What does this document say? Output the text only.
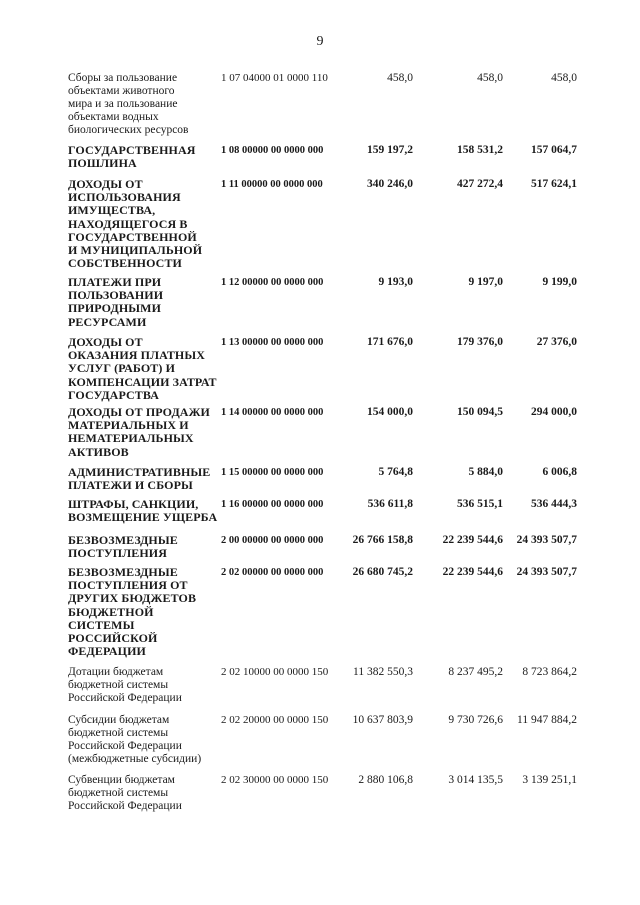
9
Сборы за пользование
объектами животного
мира и за пользование
объектами водных
биологических ресурсов
1 07 04000 01 0000 110	458,0	458,0	458,0
ГОСУДАРСТВЕННАЯ
ПОШЛИНА
1 08 00000 00 0000 000	159 197,2	158 531,2	157 064,7
ДОХОДЫ ОТ
ИСПОЛЬЗОВАНИЯ
ИМУЩЕСТВА,
НАХОДЯЩЕГОСЯ В
ГОСУДАРСТВЕННОЙ
И МУНИЦИПАЛЬНОЙ
СОБСТВЕННОСТИ
1 11 00000 00 0000 000	340 246,0	427 272,4	517 624,1
ПЛАТЕЖИ ПРИ
ПОЛЬЗОВАНИИ
ПРИРОДНЫМИ
РЕСУРСАМИ
1 12 00000 00 0000 000	9 193,0	9 197,0	9 199,0
ДОХОДЫ ОТ
ОКАЗАНИЯ ПЛАТНЫХ
УСЛУГ (РАБОТ) И
КОМПЕНСАЦИИ ЗАТРАТ
ГОСУДАРСТВА
1 13 00000 00 0000 000	171 676,0	179 376,0	27 376,0
ДОХОДЫ ОТ ПРОДАЖИ
МАТЕРИАЛЬНЫХ И
НЕМАТЕРИАЛЬНЫХ
АКТИВОВ
1 14 00000 00 0000 000	154 000,0	150 094,5	294 000,0
АДМИНИСТРАТИВНЫЕ
ПЛАТЕЖИ И СБОРЫ
1 15 00000 00 0000 000	5 764,8	5 884,0	6 006,8
ШТРАФЫ, САНКЦИИ,
ВОЗМЕЩЕНИЕ УЩЕРБА
1 16 00000 00 0000 000	536 611,8	536 515,1	536 444,3
БЕЗВОЗМЕЗДНЫЕ
ПОСТУПЛЕНИЯ
2 00 00000 00 0000 000	26 766 158,8	22 239 544,6	24 393 507,7
БЕЗВОЗМЕЗДНЫЕ
ПОСТУПЛЕНИЯ ОТ
ДРУГИХ БЮДЖЕТОВ
БЮДЖЕТНОЙ
СИСТЕМЫ
РОССИЙСКОЙ
ФЕДЕРАЦИИ
2 02 00000 00 0000 000	26 680 745,2	22 239 544,6	24 393 507,7
Дотации бюджетам
бюджетной системы
Российской Федерации
2 02 10000 00 0000 150	11 382 550,3	8 237 495,2	8 723 864,2
Субсидии бюджетам
бюджетной системы
Российской Федерации
(межбюджетные субсидии)
2 02 20000 00 0000 150	10 637 803,9	9 730 726,6	11 947 884,2
Субвенции бюджетам
бюджетной системы
Российской Федерации
2 02 30000 00 0000 150	2 880 106,8	3 014 135,5	3 139 251,1
